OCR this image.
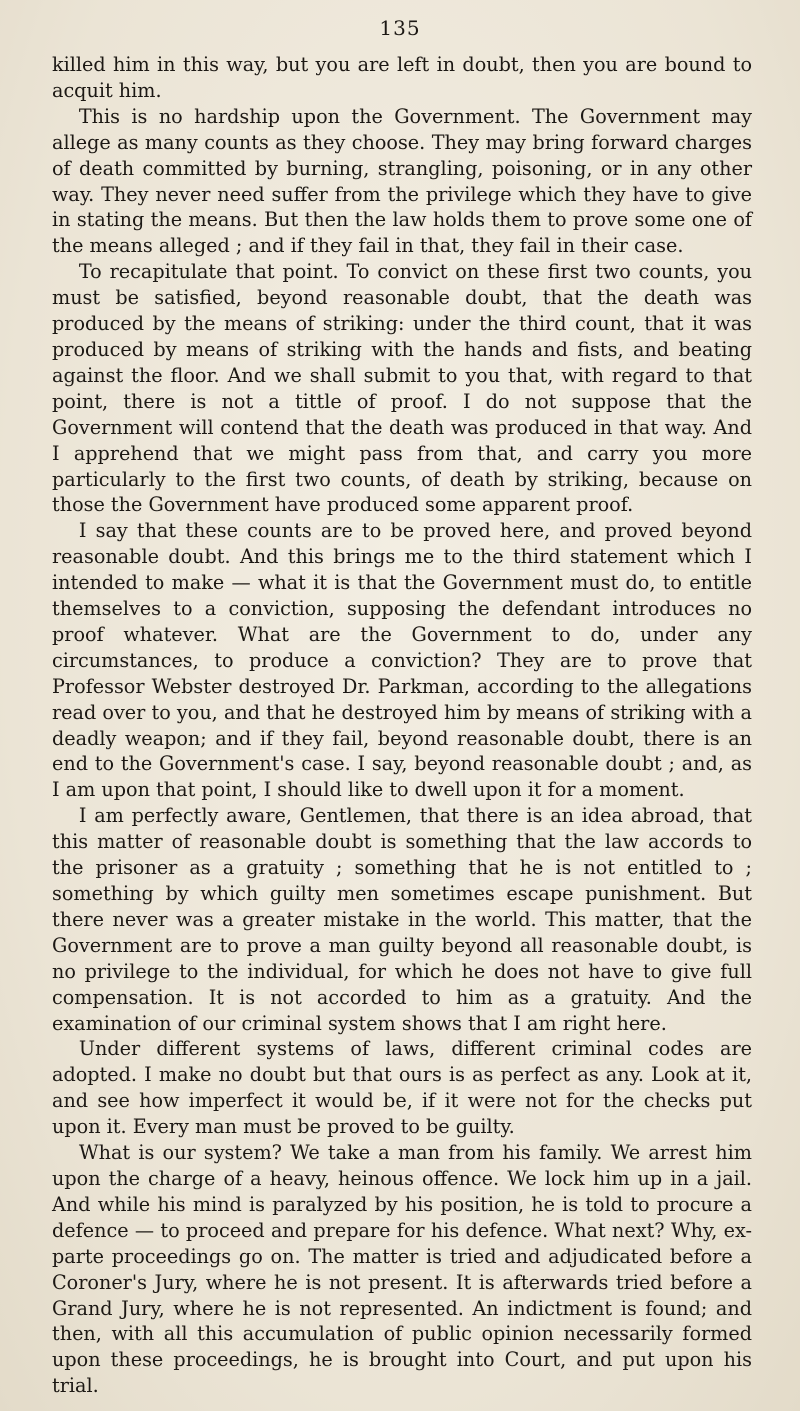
135

killed him in this way, but you are left in doubt, then you are bound to acquit him.

This is no hardship upon the Government. The Government may allege as many counts as they choose. They may bring forward charges of death committed by burning, strangling, poisoning, or in any other way. They never need suffer from the privilege which they have to give in stating the means. But then the law holds them to prove some one of the means alleged ; and if they fail in that, they fail in their case.

To recapitulate that point. To convict on these first two counts, you must be satisfied, beyond reasonable doubt, that the death was produced by the means of striking: under the third count, that it was produced by means of striking with the hands and fists, and beating against the floor. And we shall submit to you that, with regard to that point, there is not a tittle of proof. I do not suppose that the Government will contend that the death was produced in that way. And I apprehend that we might pass from that, and carry you more particularly to the first two counts, of death by striking, because on those the Government have produced some apparent proof.

I say that these counts are to be proved here, and proved beyond reasonable doubt. And this brings me to the third statement which I intended to make — what it is that the Government must do, to entitle themselves to a conviction, supposing the defendant introduces no proof whatever. What are the Government to do, under any circumstances, to produce a conviction? They are to prove that Professor Webster destroyed Dr. Parkman, according to the allegations read over to you, and that he destroyed him by means of striking with a deadly weapon; and if they fail, beyond reasonable doubt, there is an end to the Government's case. I say, beyond reasonable doubt ; and, as I am upon that point, I should like to dwell upon it for a moment.

I am perfectly aware, Gentlemen, that there is an idea abroad, that this matter of reasonable doubt is something that the law accords to the prisoner as a gratuity ; something that he is not entitled to ; something by which guilty men sometimes escape punishment. But there never was a greater mistake in the world. This matter, that the Government are to prove a man guilty beyond all reasonable doubt, is no privilege to the individual, for which he does not have to give full compensation. It is not accorded to him as a gratuity. And the examination of our criminal system shows that I am right here.

Under different systems of laws, different criminal codes are adopted. I make no doubt but that ours is as perfect as any. Look at it, and see how imperfect it would be, if it were not for the checks put upon it. Every man must be proved to be guilty.

What is our system? We take a man from his family. We arrest him upon the charge of a heavy, heinous offence. We lock him up in a jail. And while his mind is paralyzed by his position, he is told to procure a defence — to proceed and prepare for his defence. What next? Why, ex-parte proceedings go on. The matter is tried and adjudicated before a Coroner's Jury, where he is not present. It is afterwards tried before a Grand Jury, where he is not represented. An indictment is found; and then, with all this accumulation of public opinion necessarily formed upon these proceedings, he is brought into Court, and put upon his trial.
